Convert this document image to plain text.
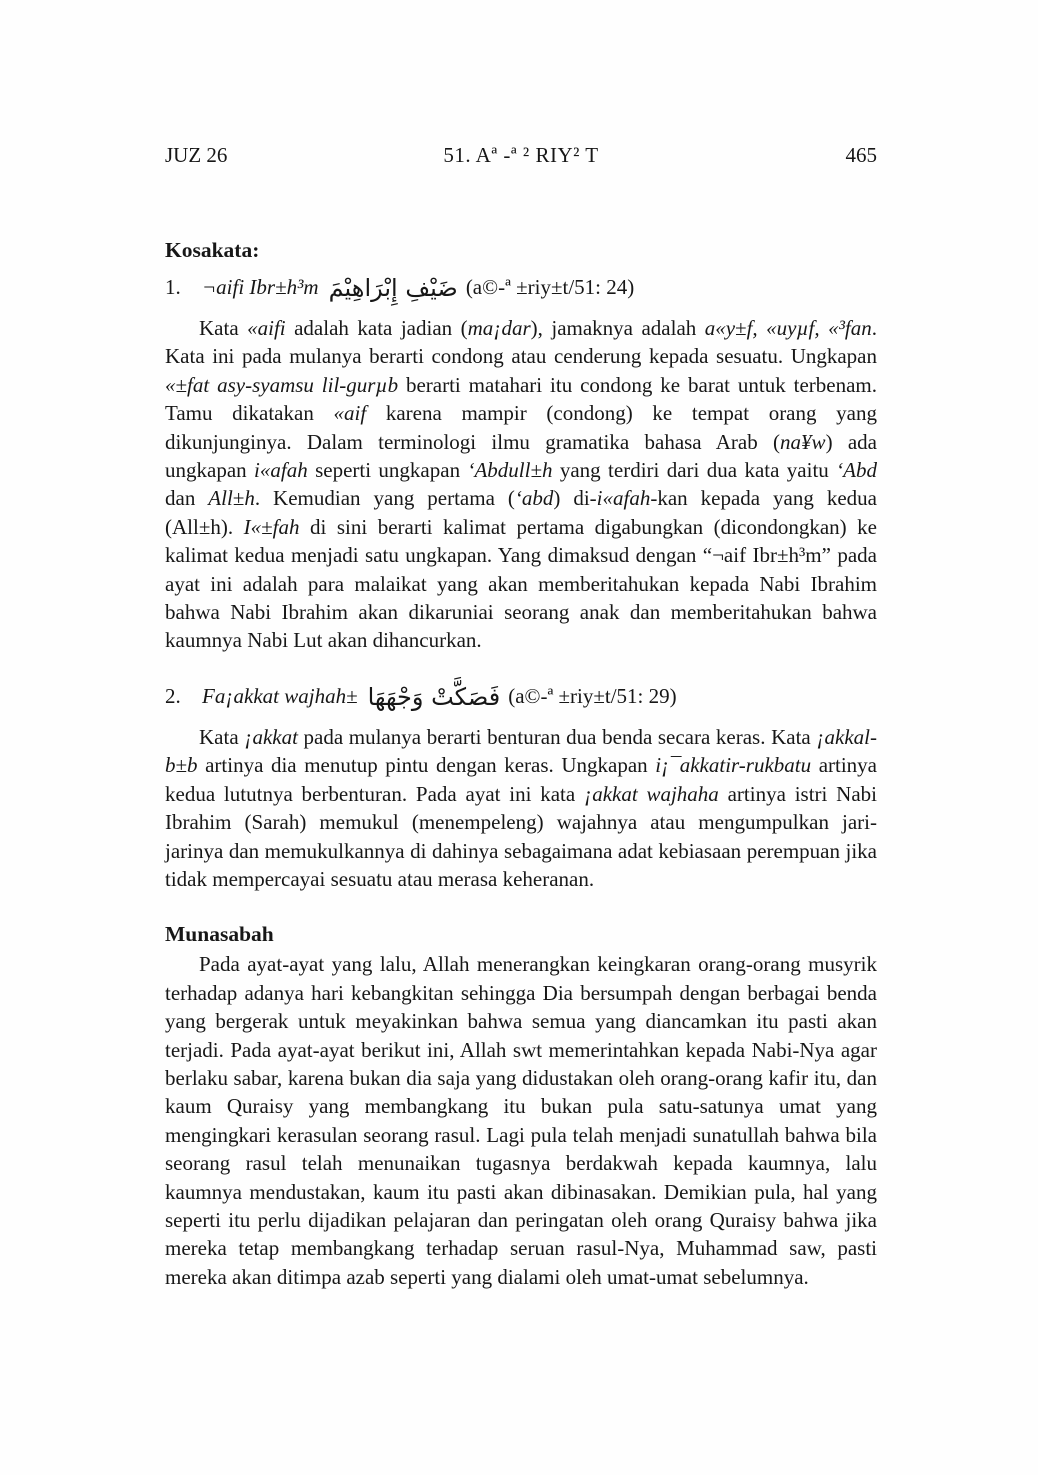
JUZ 26	51. Aª -ª ² RIY² T	465
Kosakata:
1. ¬aifi Ibr±h³m ضَيْفِ إِبْرَاهِيْمَ (a©-ª ±riy±t/51: 24)

Kata «aifi adalah kata jadian (ma¡dar), jamaknya adalah a«y±f, «uyµf, «³fan. Kata ini pada mulanya berarti condong atau cenderung kepada sesuatu. Ungkapan «±fat asy-syamsu lil-gurµb berarti matahari itu condong ke barat untuk terbenam. Tamu dikatakan «aif karena mampir (condong) ke tempat orang yang dikunjunginya. Dalam terminologi ilmu gramatika bahasa Arab (na¥w) ada ungkapan i«afah seperti ungkapan ‘Abdull±h yang terdiri dari dua kata yaitu ‘Abd dan All±h. Kemudian yang pertama (‘abd) di-i«afah-kan kepada yang kedua (All±h). I«±fah di sini berarti kalimat pertama digabungkan (dicondongkan) ke kalimat kedua menjadi satu ungkapan. Yang dimaksud dengan “¬aif Ibr±h³m” pada ayat ini adalah para malaikat yang akan memberitahukan kepada Nabi Ibrahim bahwa Nabi Ibrahim akan dikaruniai seorang anak dan memberitahukan bahwa kaumnya Nabi Lut akan dihancurkan.

2. Fa¡akkat wajhah± فَصَكَّتْ وَجْهَهَا (a©-ª ±riy±t/51: 29)

Kata ¡akkat pada mulanya berarti benturan dua benda secara keras. Kata ¡akkal-b±b artinya dia menutup pintu dengan keras. Ungkapan i¡¯akkatir-rukbatu artinya kedua lututnya berbenturan. Pada ayat ini kata ¡akkat wajhaha artinya istri Nabi Ibrahim (Sarah) memukul (menempeleng) wajahnya atau mengumpulkan jari-jarinya dan memukulkannya di dahinya sebagaimana adat kebiasaan perempuan jika tidak mempercayai sesuatu atau merasa keheranan.

Munasabah

Pada ayat-ayat yang lalu, Allah menerangkan keingkaran orang-orang musyrik terhadap adanya hari kebangkitan sehingga Dia bersumpah dengan berbagai benda yang bergerak untuk meyakinkan bahwa semua yang diancamkan itu pasti akan terjadi. Pada ayat-ayat berikut ini, Allah swt memerintahkan kepada Nabi-Nya agar berlaku sabar, karena bukan dia saja yang didustakan oleh orang-orang kafir itu, dan kaum Quraisy yang membangkang itu bukan pula satu-satunya umat yang mengingkari kerasulan seorang rasul. Lagi pula telah menjadi sunatullah bahwa bila seorang rasul telah menunaikan tugasnya berdakwah kepada kaumnya, lalu kaumnya mendustakan, kaum itu pasti akan dibinasakan. Demikian pula, hal yang seperti itu perlu dijadikan pelajaran dan peringatan oleh orang Quraisy bahwa jika mereka tetap membangkang terhadap seruan rasul-Nya, Muhammad saw, pasti mereka akan ditimpa azab seperti yang dialami oleh umat-umat sebelumnya.
